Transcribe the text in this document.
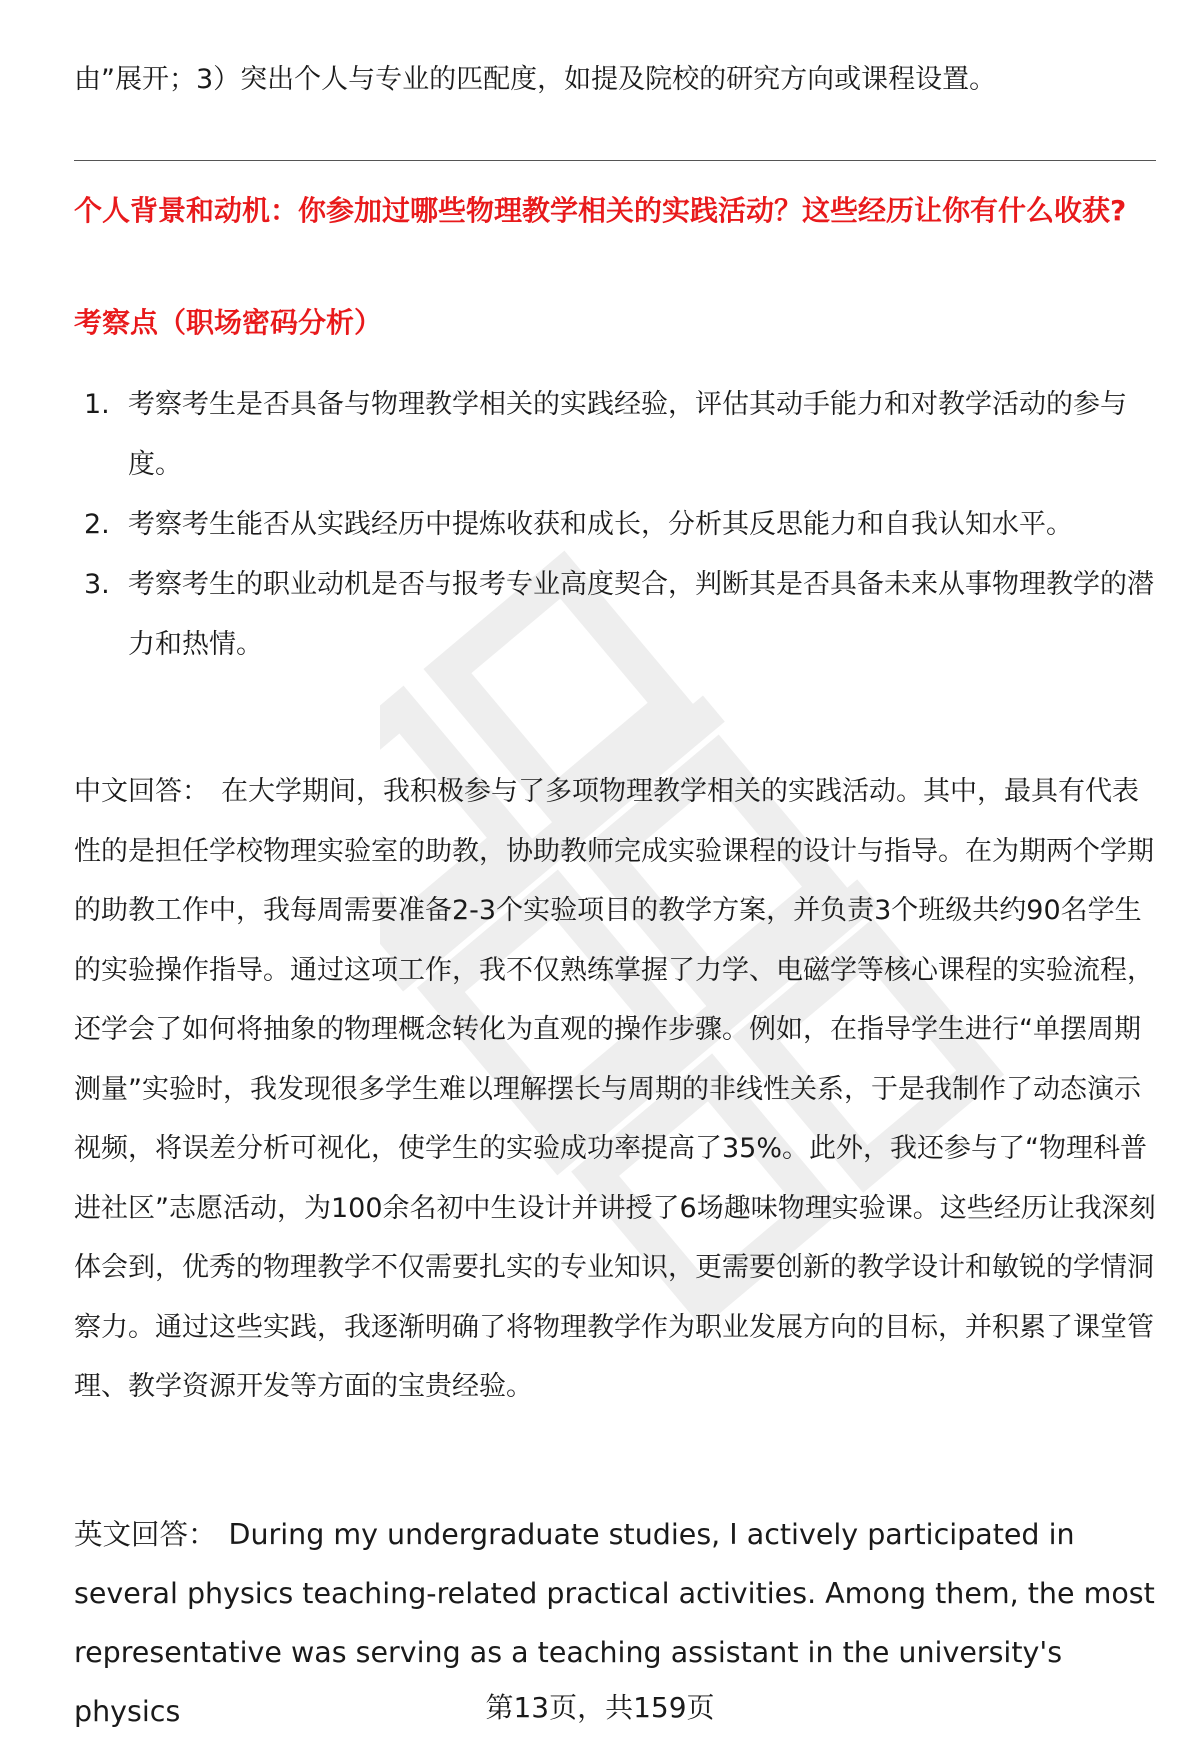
由”展开；3）突出个人与专业的匹配度，如提及院校的研究方向或课程设置。

个人背景和动机：你参加过哪些物理教学相关的实践活动？这些经历让你有什么收获?
考察点（职场密码分析）
1. 考察考生是否具备与物理教学相关的实践经验，评估其动手能力和对教学活动的参与度。
2. 考察考生能否从实践经历中提炼收获和成长，分析其反思能力和自我认知水平。
3. 考察考生的职业动机是否与报考专业高度契合，判断其是否具备未来从事物理教学的潜力和热情。

中文回答： 在大学期间，我积极参与了多项物理教学相关的实践活动。其中，最具有代表性的是担任学校物理实验室的助教，协助教师完成实验课程的设计与指导。在为期两个学期的助教工作中，我每周需要准备2-3个实验项目的教学方案，并负责3个班级共约90名学生的实验操作指导。通过这项工作，我不仅熟练掌握了力学、电磁学等核心课程的实验流程，还学会了如何将抽象的物理概念转化为直观的操作步骤。例如，在指导学生进行“单摆周期测量”实验时，我发现很多学生难以理解摆长与周期的非线性关系，于是我制作了动态演示视频，将误差分析可视化，使学生的实验成功率提高了35%。此外，我还参与了“物理科普进社区”志愿活动，为100余名初中生设计并讲授了6场趣味物理实验课。这些经历让我深刻体会到，优秀的物理教学不仅需要扎实的专业知识，更需要创新的教学设计和敏锐的学情洞察力。通过这些实践，我逐渐明确了将物理教学作为职业发展方向的目标，并积累了课堂管理、教学资源开发等方面的宝贵经验。

英文回答： During my undergraduate studies, I actively participated in several physics teaching-related practical activities. Among them, the most representative was serving as a teaching assistant in the university's physics	第13页，共159页
